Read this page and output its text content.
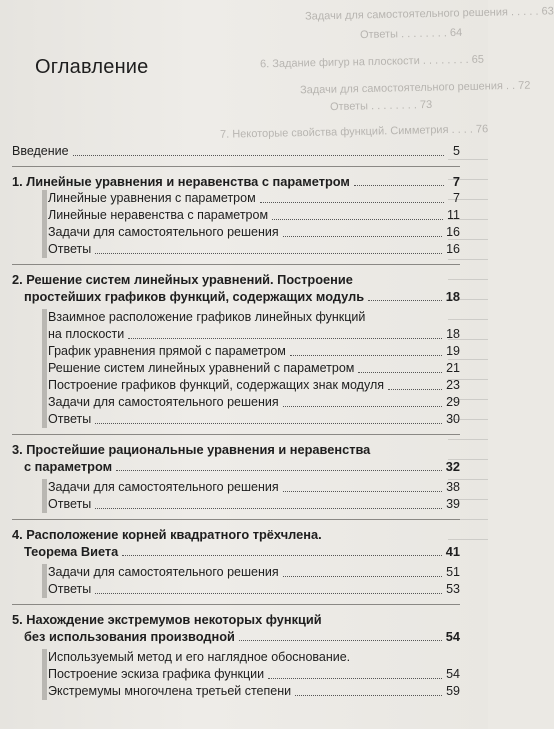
Задачи для самостоятельного решения . . . . . 63
Ответы . . . . . . . . 64
6. Задание фигур на плоскости . . . . . . . . 65
Задачи для самостоятельного решения . . 72
Ответы . . . . . . . . 73
7. Некоторые свойства функций. Симметрия . . . . 76
Оглавление
Введение	5
1. Линейные уравнения и неравенства с параметром	7
Линейные уравнения с параметром	7
Линейные неравенства с параметром	11
Задачи для самостоятельного решения	16
Ответы	16
2. Решение систем линейных уравнений. Построение
простейших графиков функций, содержащих модуль	18
Взаимное расположение графиков линейных функций
на плоскости	18
График уравнения прямой с параметром	19
Решение систем линейных уравнений с параметром	21
Построение графиков функций, содержащих знак модуля	23
Задачи для самостоятельного решения	29
Ответы	30
3. Простейшие рациональные уравнения и неравенства
с параметром	32
Задачи для самостоятельного решения	38
Ответы	39
4. Расположение корней квадратного трёхчлена.
Теорема Виета	41
Задачи для самостоятельного решения	51
Ответы	53
5. Нахождение экстремумов некоторых функций
без использования производной	54
Используемый метод и его наглядное обоснование.
Построение эскиза графика функции	54
Экстремумы многочлена третьей степени	59
